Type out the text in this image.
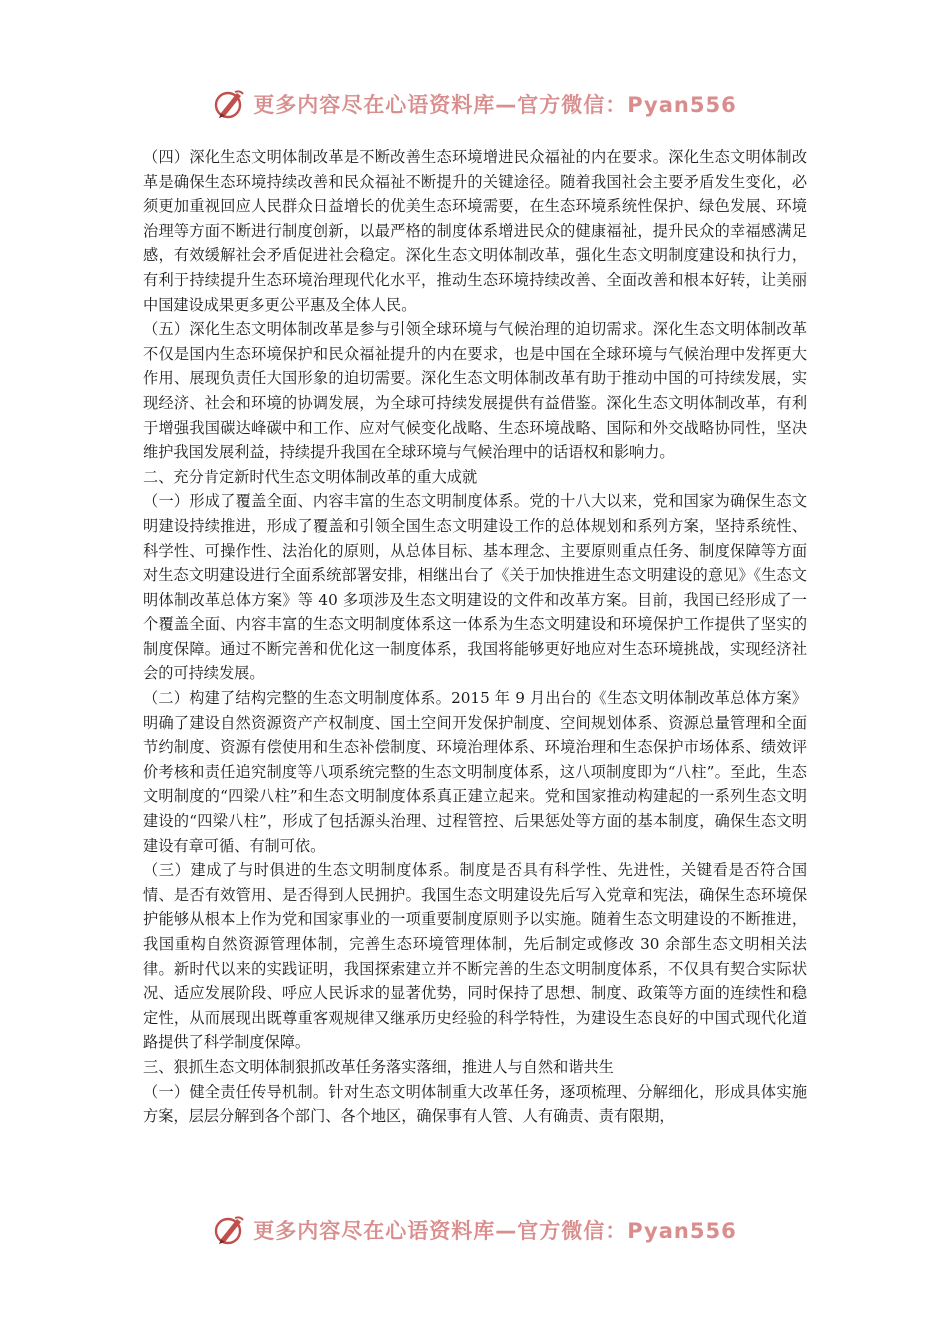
更多内容尽在心语资料库—官方微信：Pyan556

（四）深化生态文明体制改革是不断改善生态环境增进民众福祉的内在要求。深化生态文明体制改革是确保生态环境持续改善和民众福祉不断提升的关键途径。随着我国社会主要矛盾发生变化，必须更加重视回应人民群众日益增长的优美生态环境需要，在生态环境系统性保护、绿色发展、环境治理等方面不断进行制度创新，以最严格的制度体系增进民众的健康福祉，提升民众的幸福感满足感，有效缓解社会矛盾促进社会稳定。深化生态文明体制改革，强化生态文明制度建设和执行力，有利于持续提升生态环境治理现代化水平，推动生态环境持续改善、全面改善和根本好转，让美丽中国建设成果更多更公平惠及全体人民。

（五）深化生态文明体制改革是参与引领全球环境与气候治理的迫切需求。深化生态文明体制改革不仅是国内生态环境保护和民众福祉提升的内在要求，也是中国在全球环境与气候治理中发挥更大作用、展现负责任大国形象的迫切需要。深化生态文明体制改革有助于推动中国的可持续发展，实现经济、社会和环境的协调发展，为全球可持续发展提供有益借鉴。深化生态文明体制改革，有利于增强我国碳达峰碳中和工作、应对气候变化战略、生态环境战略、国际和外交战略协同性，坚决维护我国发展利益，持续提升我国在全球环境与气候治理中的话语权和影响力。

二、充分肯定新时代生态文明体制改革的重大成就

（一）形成了覆盖全面、内容丰富的生态文明制度体系。党的十八大以来，党和国家为确保生态文明建设持续推进，形成了覆盖和引领全国生态文明建设工作的总体规划和系列方案，坚持系统性、科学性、可操作性、法治化的原则，从总体目标、基本理念、主要原则重点任务、制度保障等方面对生态文明建设进行全面系统部署安排，相继出台了《关于加快推进生态文明建设的意见》《生态文明体制改革总体方案》等 40 多项涉及生态文明建设的文件和改革方案。目前，我国已经形成了一个覆盖全面、内容丰富的生态文明制度体系这一体系为生态文明建设和环境保护工作提供了坚实的制度保障。通过不断完善和优化这一制度体系，我国将能够更好地应对生态环境挑战，实现经济社会的可持续发展。

（二）构建了结构完整的生态文明制度体系。2015 年 9 月出台的《生态文明体制改革总体方案》明确了建设自然资源资产产权制度、国土空间开发保护制度、空间规划体系、资源总量管理和全面节约制度、资源有偿使用和生态补偿制度、环境治理体系、环境治理和生态保护市场体系、绩效评价考核和责任追究制度等八项系统完整的生态文明制度体系，这八项制度即为“八柱”。至此，生态文明制度的“四梁八柱”和生态文明制度体系真正建立起来。党和国家推动构建起的一系列生态文明建设的“四梁八柱”，形成了包括源头治理、过程管控、后果惩处等方面的基本制度，确保生态文明建设有章可循、有制可依。

（三）建成了与时俱进的生态文明制度体系。制度是否具有科学性、先进性，关键看是否符合国情、是否有效管用、是否得到人民拥护。我国生态文明建设先后写入党章和宪法，确保生态环境保护能够从根本上作为党和国家事业的一项重要制度原则予以实施。随着生态文明建设的不断推进，我国重构自然资源管理体制，完善生态环境管理体制，先后制定或修改 30 余部生态文明相关法律。新时代以来的实践证明，我国探索建立并不断完善的生态文明制度体系，不仅具有契合实际状况、适应发展阶段、呼应人民诉求的显著优势，同时保持了思想、制度、政策等方面的连续性和稳定性，从而展现出既尊重客观规律又继承历史经验的科学特性，为建设生态良好的中国式现代化道路提供了科学制度保障。

三、狠抓生态文明体制狠抓改革任务落实落细，推进人与自然和谐共生

（一）健全责任传导机制。针对生态文明体制重大改革任务，逐项梳理、分解细化，形成具体实施方案，层层分解到各个部门、各个地区，确保事有人管、人有确责、责有限期，

更多内容尽在心语资料库—官方微信：Pyan556
